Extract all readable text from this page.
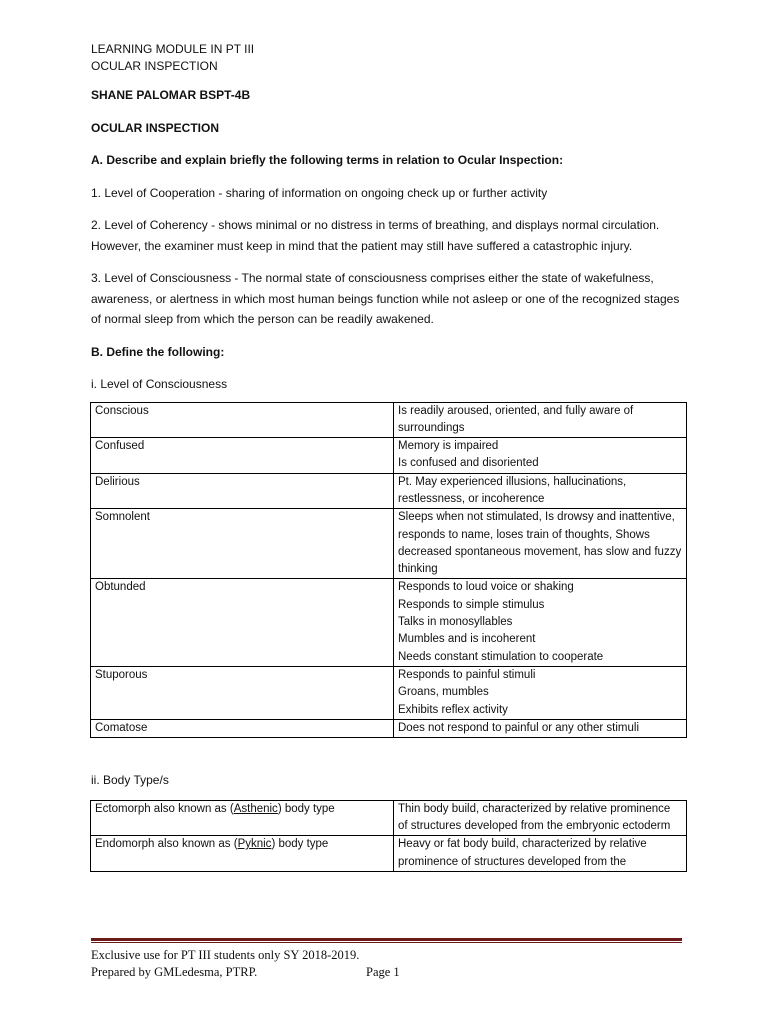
LEARNING MODULE IN PT III

OCULAR INSPECTION

SHANE PALOMAR BSPT-4B

OCULAR INSPECTION

A. Describe and explain briefly the following terms in relation to Ocular Inspection:

1. Level of Cooperation - sharing of information on ongoing check up or further activity

2. Level of Coherency - shows minimal or no distress in terms of breathing, and displays normal circulation. However, the examiner must keep in mind that the patient may still have suffered a catastrophic injury.

3. Level of Consciousness - The normal state of consciousness comprises either the state of wakefulness, awareness, or alertness in which most human beings function while not asleep or one of the recognized stages of normal sleep from which the person can be readily awakened.

B. Define the following:

i. Level of Consciousness

Conscious	Is readily aroused, oriented, and fully aware of surroundings

Confused	Memory is impaired
Is confused and disoriented

Delirious	Pt. May experienced illusions, hallucinations, restlessness, or incoherence

Somnolent	Sleeps when not stimulated, Is drowsy and inattentive, responds to name, loses train of thoughts, Shows decreased spontaneous movement, has slow and fuzzy thinking

Obtunded	Responds to loud voice or shaking
Responds to simple stimulus
Talks in monosyllables
Mumbles and is incoherent
Needs constant stimulation to cooperate

Stuporous	Responds to painful stimuli
Groans, mumbles
Exhibits reflex activity

Comatose	Does not respond to painful or any other stimuli

ii. Body Type/s

Ectomorph also known as (Asthenic) body type	Thin body build, characterized by relative prominence of structures developed from the embryonic ectoderm
Endomorph also known as (Pyknic) body type	Heavy or fat body build, characterized by relative prominence of structures developed from the
Exclusive use for PT III students only SY 2018-2019.
Prepared by GMLedesma, PTRP.	Page 1
